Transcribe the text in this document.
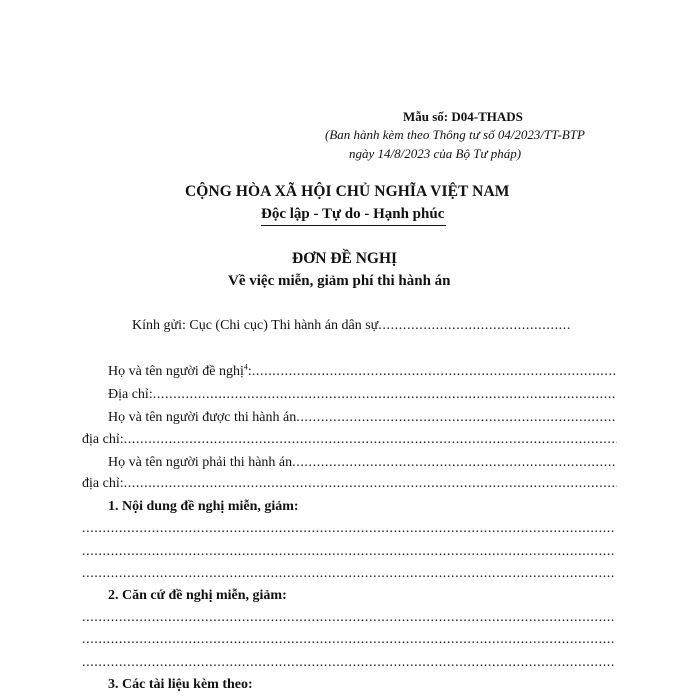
Mẫu số: D04-THADS
(Ban hành kèm theo Thông tư số 04/2023/TT-BTP
ngày 14/8/2023 của Bộ Tư pháp)
CỘNG HÒA XÃ HỘI CHỦ NGHĨA VIỆT NAM
Độc lập - Tự do - Hạnh phúc
ĐƠN ĐỀ NGHỊ
Về việc miễn, giảm phí thi hành án
Kính gửi: Cục (Chi cục) Thi hành án dân sự
.....
Họ và tên người đề nghị$^4$:
.....
Địa chỉ:
.....
Họ và tên người được thi hành án
.....
địa chỉ:
.....
Họ và tên người phải thi hành án
.....
địa chỉ:
.....
1. Nội dung đề nghị miễn, giảm:
.....
.....
.....
2. Căn cứ đề nghị miễn, giảm:
.....
.....
.....
3. Các tài liệu kèm theo:
